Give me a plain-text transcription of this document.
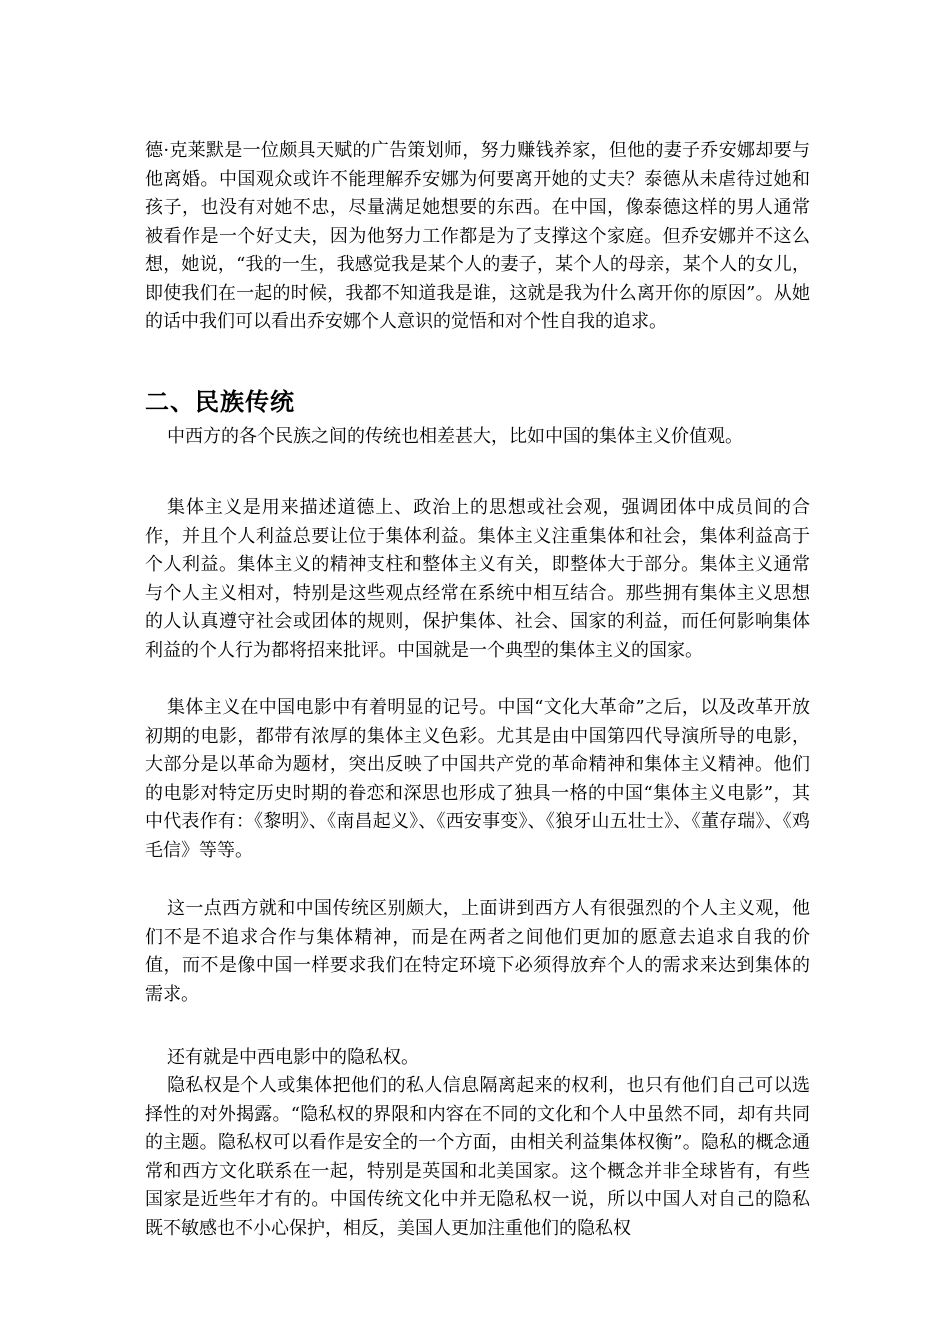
德·克莱默是一位颇具天赋的广告策划师，努力赚钱养家，但他的妻子乔安娜却要与他离婚。中国观众或许不能理解乔安娜为何要离开她的丈夫？泰德从未虐待过她和孩子，也没有对她不忠，尽量满足她想要的东西。在中国，像泰德这样的男人通常被看作是一个好丈夫，因为他努力工作都是为了支撑这个家庭。但乔安娜并不这么想，她说，“我的一生，我感觉我是某个人的妻子，某个人的母亲，某个人的女儿，即使我们在一起的时候，我都不知道我是谁，这就是我为什么离开你的原因”。从她的话中我们可以看出乔安娜个人意识的觉悟和对个性自我的追求。

二、民族传统

中西方的各个民族之间的传统也相差甚大，比如中国的集体主义价值观。

集体主义是用来描述道德上、政治上的思想或社会观，强调团体中成员间的合作，并且个人利益总要让位于集体利益。集体主义注重集体和社会，集体利益高于个人利益。集体主义的精神支柱和整体主义有关，即整体大于部分。集体主义通常与个人主义相对，特别是这些观点经常在系统中相互结合。那些拥有集体主义思想的人认真遵守社会或团体的规则，保护集体、社会、国家的利益，而任何影响集体利益的个人行为都将招来批评。中国就是一个典型的集体主义的国家。

集体主义在中国电影中有着明显的记号。中国“文化大革命”之后，以及改革开放初期的电影，都带有浓厚的集体主义色彩。尤其是由中国第四代导演所导的电影，大部分是以革命为题材，突出反映了中国共产党的革命精神和集体主义精神。他们的电影对特定历史时期的眷恋和深思也形成了独具一格的中国“集体主义电影”，其中代表作有：《黎明》、《南昌起义》、《西安事变》、《狼牙山五壮士》、《董存瑞》、《鸡毛信》等等。

这一点西方就和中国传统区别颇大，上面讲到西方人有很强烈的个人主义观，他们不是不追求合作与集体精神，而是在两者之间他们更加的愿意去追求自我的价值，而不是像中国一样要求我们在特定环境下必须得放弃个人的需求来达到集体的需求。

还有就是中西电影中的隐私权。

隐私权是个人或集体把他们的私人信息隔离起来的权利，也只有他们自己可以选择性的对外揭露。“隐私权的界限和内容在不同的文化和个人中虽然不同，却有共同的主题。隐私权可以看作是安全的一个方面，由相关利益集体权衡”。隐私的概念通常和西方文化联系在一起，特别是英国和北美国家。这个概念并非全球皆有，有些国家是近些年才有的。中国传统文化中并无隐私权一说，所以中国人对自己的隐私既不敏感也不小心保护，相反，美国人更加注重他们的隐私权
